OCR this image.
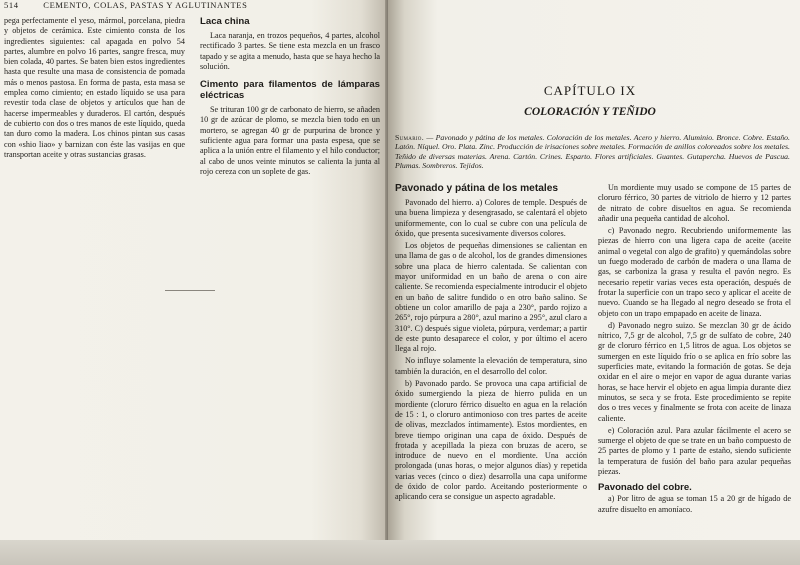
514	CEMENTO, COLAS, PASTAS Y AGLUTINANTES

pega perfectamente el yeso, mármol, porcelana, piedra y objetos de cerámica. Este cimiento consta de los ingredientes siguientes: cal apagada en polvo 54 partes, alumbre en polvo 16 partes, sangre fresca, muy bien colada, 40 partes. Se baten bien estos ingredientes hasta que resulte una masa de consistencia de pomada más o menos pastosa. En forma de pasta, esta masa se emplea como cimiento; en estado líquido se usa para revestir toda clase de objetos y artículos que han de hacerse impermeables y duraderos. El cartón, después de cubierto con dos o tres manos de este líquido, queda tan duro como la madera. Los chinos pintan sus casas con «shio liao» y barnizan con éste las vasijas en que transportan aceite y otras sustancias grasas.

Laca china

Laca naranja, en trozos pequeños, 4 partes, alcohol rectificado 3 partes. Se tiene esta mezcla en un frasco tapado y se agita a menudo, hasta que se haya hecho la solución.

Cimento para filamentos de lámparas eléctricas

Se trituran 100 gr de carbonato de hierro, se añaden 10 gr de azúcar de plomo, se mezcla bien todo en un mortero, se agregan 40 gr de purpurina de bronce y suficiente agua para formar una pasta espesa, que se aplica a la unión entre el filamento y el hilo conductor; al cabo de unos veinte minutos se calienta la junta al rojo cereza con un soplete de gas.

CAPÍTULO IX
COLORACIÓN Y TEÑIDO
Sumario. — Pavonado y pátina de los metales. Coloración de los metales. Acero y hierro. Aluminio. Bronce. Cobre. Estaño. Latón. Níquel. Oro. Plata. Zinc. Producción de irisaciones sobre metales. Formación de anillos coloreados sobre los metales. Teñido de diversas materias. Arena. Cartón. Crines. Esparto. Flores artificiales. Guantes. Gutapercha. Huevos de Pascua. Plumas. Sombreros. Tejidos.
Pavonado y pátina de los metales

Pavonado del hierro. a) Colores de temple. Después de una buena limpieza y desengrasado, se calentará el objeto uniformemente, con lo cual se cubre con una película de óxido, que presenta sucesivamente diversos colores.

Los objetos de pequeñas dimensiones se calientan en una llama de gas o de alcohol, los de grandes dimensiones sobre una placa de hierro calentada. Se calientan con mayor uniformidad en un baño de arena o con aire caliente. Se recomienda especialmente introducir el objeto en un baño de salitre fundido o en otro baño salino. Se obtiene un color amarillo de paja a 230°, pardo rojizo a 265°, rojo púrpura a 280°, azul marino a 295°, azul claro a 310°. C) después sigue violeta, púrpura, verdemar; a partir de este punto desaparece el color, y por último el acero llega al rojo.

No influye solamente la elevación de temperatura, sino también la duración, en el desarrollo del color.

b) Pavonado pardo. Se provoca una capa artificial de óxido sumergiendo la pieza de hierro pulida en un mordiente (cloruro férrico disuelto en agua en la relación de 15 : 1, o cloruro antimonioso con tres partes de aceite de olivas, mezclados íntimamente). Estos mordientes, en breve tiempo originan una capa de óxido. Después de frotada y acepillada la pieza con bruzas de acero, se introduce de nuevo en el mordiente. Una acción prolongada (unas horas, o mejor algunos días) y repetida varias veces (cinco o diez) desarrolla una capa uniforme de óxido de color pardo. Aceitando posteriormente o aplicando cera se consigue un aspecto agradable.

Un mordiente muy usado se compone de 15 partes de cloruro férrico, 30 partes de vitriolo de hierro y 12 partes de nitrato de cobre disueltos en agua. Se recomienda añadir una pequeña cantidad de alcohol.

c) Pavonado negro. Recubriendo uniformemente las piezas de hierro con una ligera capa de aceite (aceite animal o vegetal con algo de grafito) y quemándolas sobre un fuego moderado de carbón de madera o una llama de gas, se carboniza la grasa y resulta el pavón negro. Es necesario repetir varias veces esta operación, después de frotar la superficie con un trapo seco y aplicar el aceite de nuevo. Cuando se ha llegado al negro deseado se frota el objeto con un trapo empapado en aceite de linaza.

d) Pavonado negro suizo. Se mezclan 30 gr de ácido nítrico, 7,5 gr de alcohol, 7,5 gr de sulfato de cobre, 240 gr de cloruro férrico en 1,5 litros de agua. Los objetos se sumergen en este líquido frío o se aplica en frío sobre las superficies mate, evitando la formación de gotas. Se deja oxidar en el aire o mejor en vapor de agua durante varias horas, se hace hervir el objeto en agua limpia durante diez minutos, se seca y se frota. Este procedimiento se repite dos o tres veces y finalmente se frota con aceite de linaza caliente.

e) Coloración azul. Para azular fácilmente el acero se sumerge el objeto de que se trate en un baño compuesto de 25 partes de plomo y 1 parte de estaño, siendo suficiente la temperatura de fusión del baño para azular pequeñas piezas.

Pavonado del cobre.

a) Por litro de agua se toman 15 a 20 gr de hígado de azufre disuelto en amoníaco.
